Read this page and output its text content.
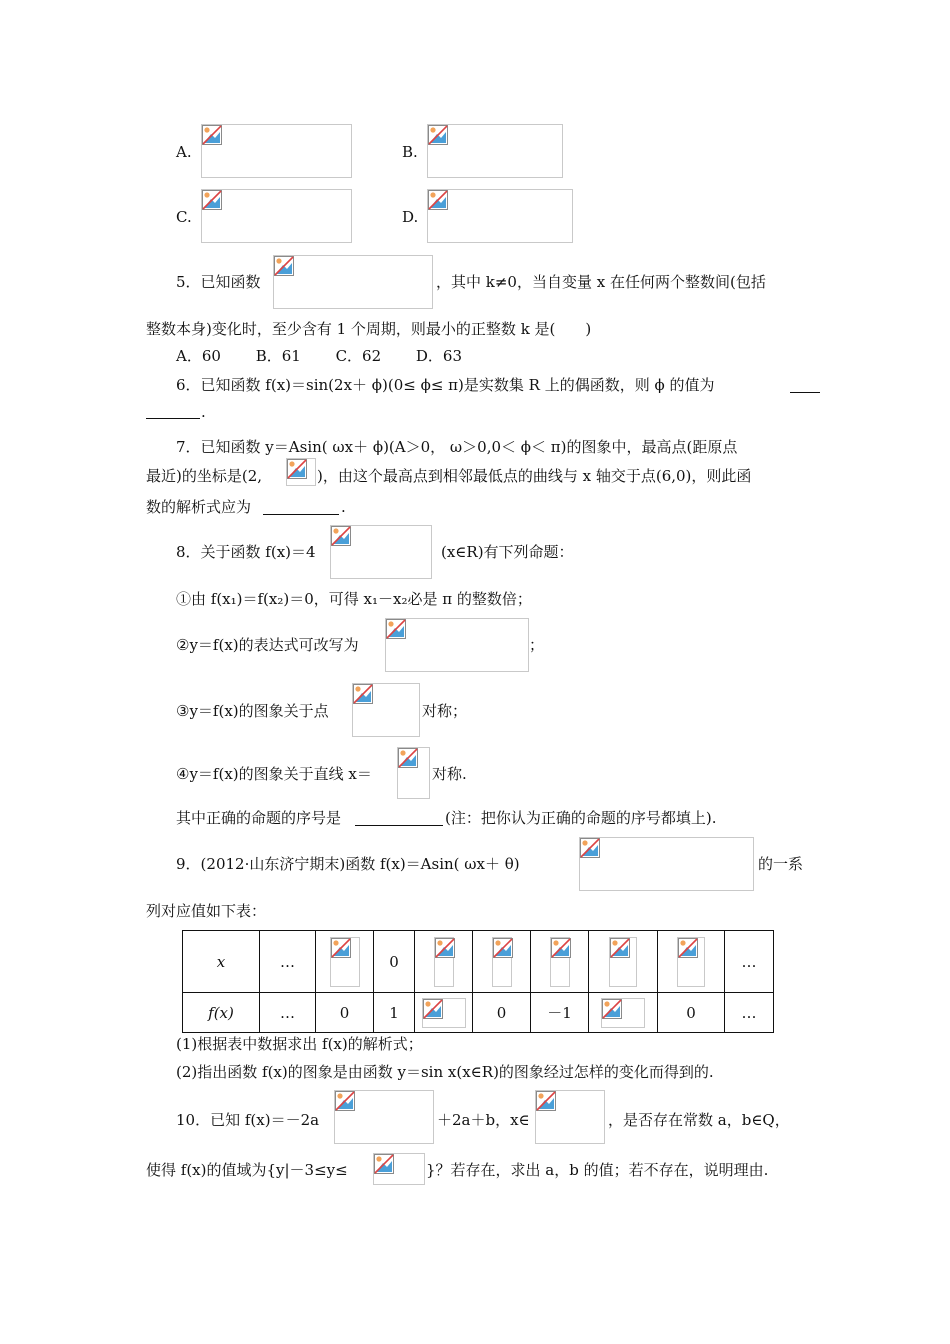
A.	B.
C.	D.
5．已知函数	，其中 k≠0，当自变量 x 在任何两个整数间(包括
整数本身)变化时，至少含有 1 个周期，则最小的正整数 k 是(　　)
A．60　　 B．61　　 C．62　　 D．63
6．已知函数 f(x)＝sin(2x＋ ϕ)(0≤ ϕ≤ π)是实数集 R 上的偶函数，则 ϕ 的值为
.
7．已知函数 y＝Asin( ωx＋ ϕ)(A＞0， ω＞0,0＜ ϕ＜ π)的图象中，最高点(距原点
最近)的坐标是(2,	)，由这个最高点到相邻最低点的曲线与 x 轴交于点(6,0)，则此函
数的解析式应为	.
8．关于函数 f(x)＝4	(x∈R)有下列命题：
①由 f(x₁)＝f(x₂)＝0，可得 x₁－x₂必是 π 的整数倍；
②y＝f(x)的表达式可改写为	；
③y＝f(x)的图象关于点	对称；
④y＝f(x)的图象关于直线 x＝	对称.
其中正确的命题的序号是	(注：把你认为正确的命题的序号都填上).
9．(2012·山东济宁期末)函数 f(x)＝Asin( ωx＋ θ)	的一系
列对应值如下表：
x	…		0						…
f(x)	…	0	1		0	－1		0	…
(1)根据表中数据求出 f(x)的解析式；
(2)指出函数 f(x)的图象是由函数 y＝sin x(x∈R)的图象经过怎样的变化而得到的.
10．已知 f(x)＝－2a	＋2a＋b，x∈	，是否存在常数 a，b∈Q，
使得 f(x)的值域为{y|－3≤y≤	}？若存在，求出 a，b 的值；若不存在，说明理由.
